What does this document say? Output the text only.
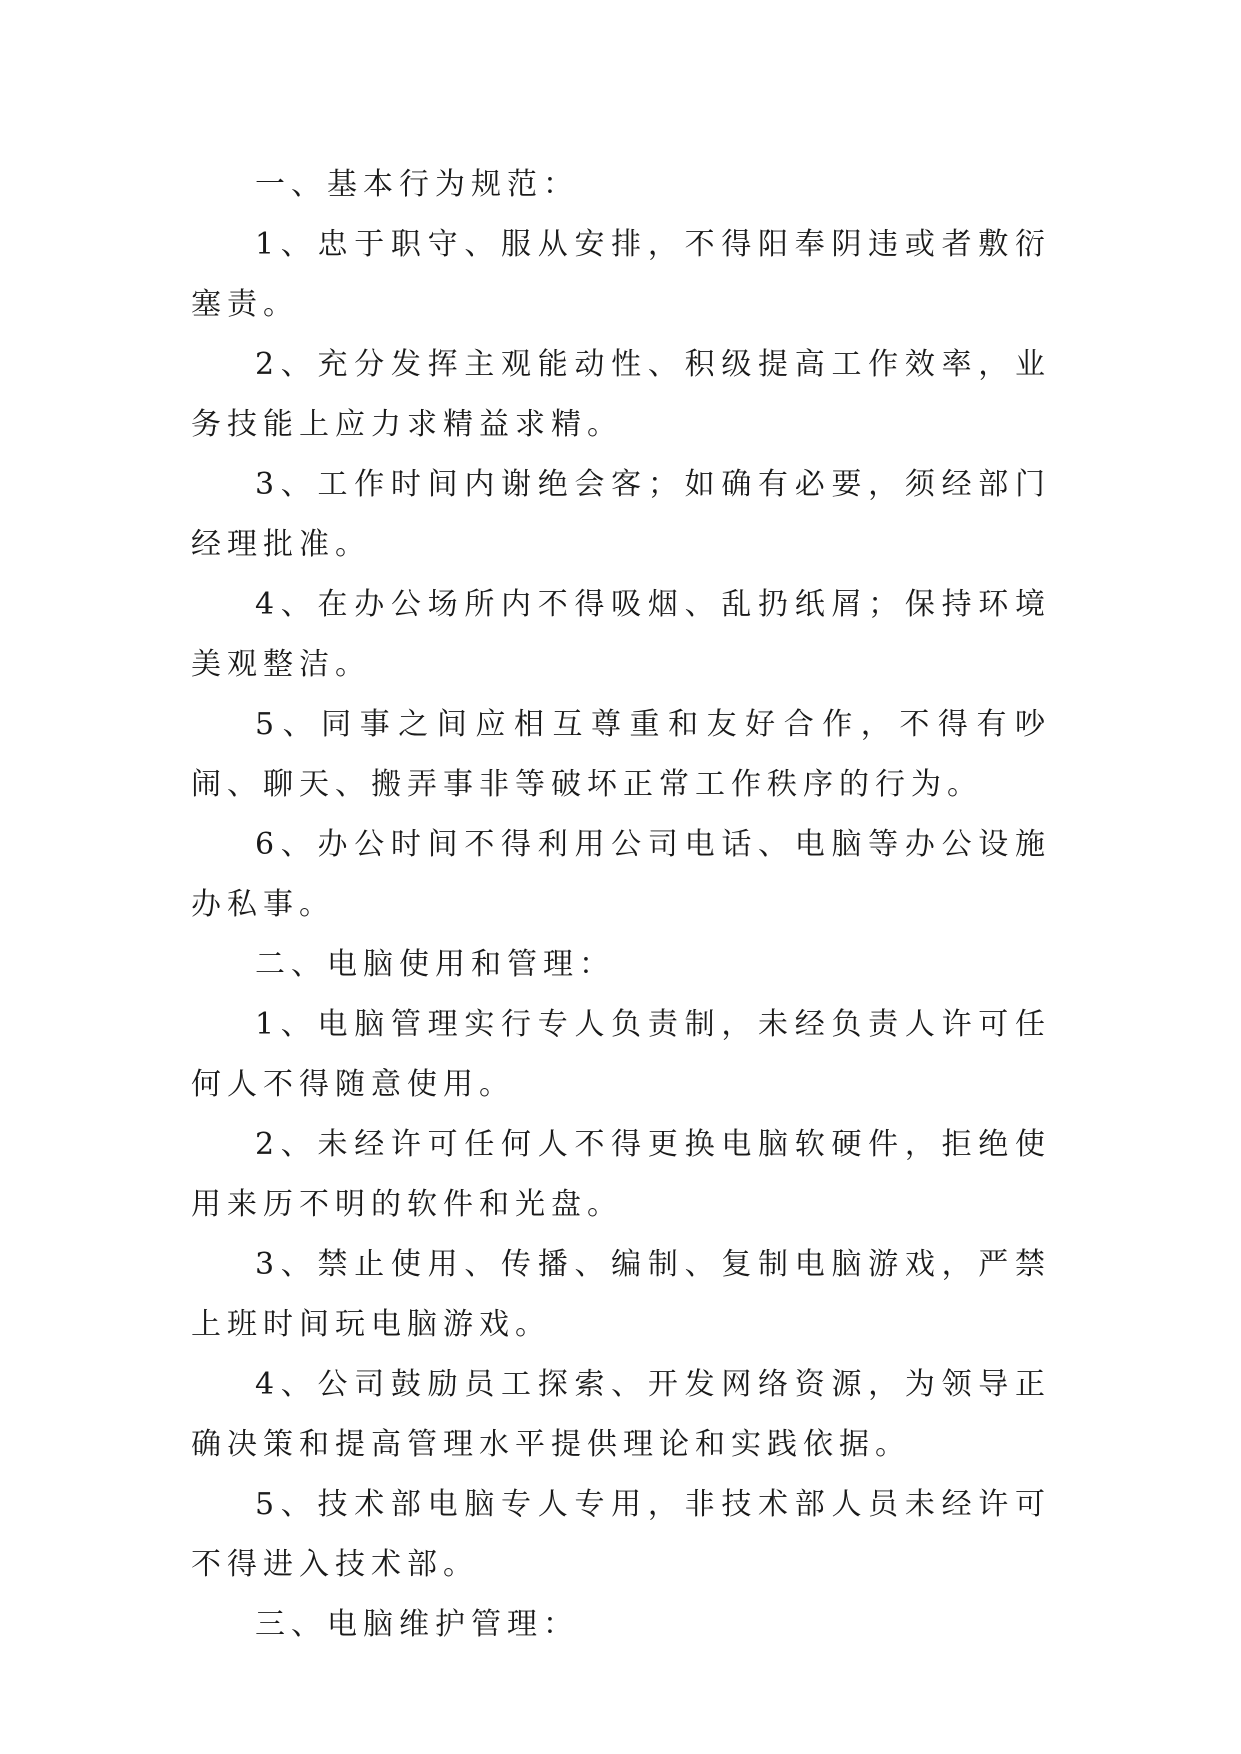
一、基本行为规范：

1、忠于职守、服从安排，不得阳奉阴违或者敷衍塞责。

2、充分发挥主观能动性、积级提高工作效率，业务技能上应力求精益求精。

3、工作时间内谢绝会客；如确有必要，须经部门经理批准。

4、在办公场所内不得吸烟、乱扔纸屑；保持环境美观整洁。

5、同事之间应相互尊重和友好合作，不得有吵闹、聊天、搬弄事非等破坏正常工作秩序的行为。

6、办公时间不得利用公司电话、电脑等办公设施办私事。

二、电脑使用和管理：

1、电脑管理实行专人负责制，未经负责人许可任何人不得随意使用。

2、未经许可任何人不得更换电脑软硬件，拒绝使用来历不明的软件和光盘。

3、禁止使用、传播、编制、复制电脑游戏，严禁上班时间玩电脑游戏。

4、公司鼓励员工探索、开发网络资源，为领导正确决策和提高管理水平提供理论和实践依据。

5、技术部电脑专人专用，非技术部人员未经许可不得进入技术部。

三、电脑维护管理：
